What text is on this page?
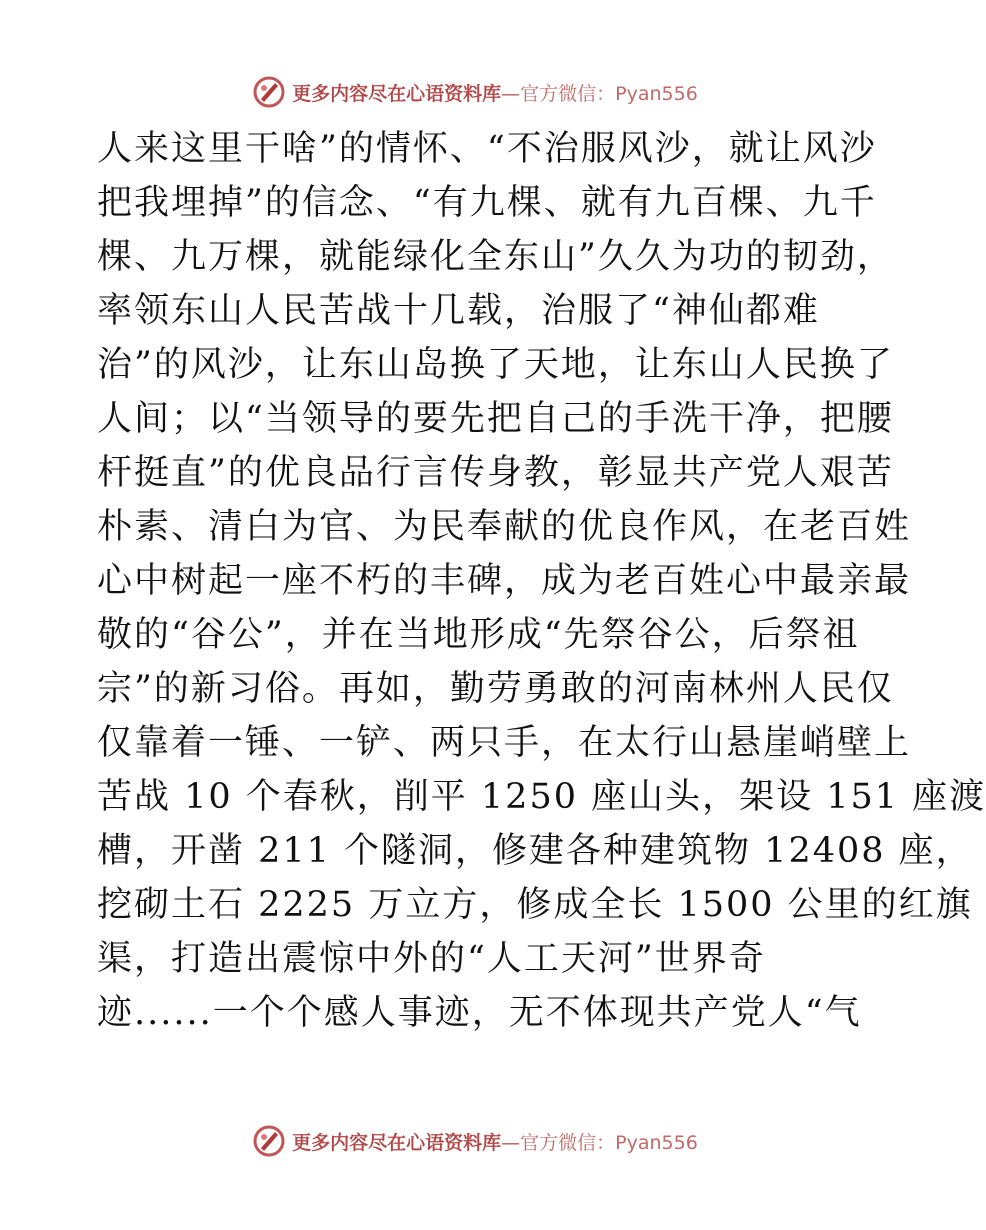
更多内容尽在心语资料库—官方微信：Pyan556
人来这里干啥”的情怀、“不治服风沙，就让风沙
把我埋掉”的信念、“有九棵、就有九百棵、九千
棵、九万棵，就能绿化全东山”久久为功的韧劲，
率领东山人民苦战十几载，治服了“神仙都难
治”的风沙，让东山岛换了天地，让东山人民换了
人间；以“当领导的要先把自己的手洗干净，把腰
杆挺直”的优良品行言传身教，彰显共产党人艰苦
朴素、清白为官、为民奉献的优良作风，在老百姓
心中树起一座不朽的丰碑，成为老百姓心中最亲最
敬的“谷公”，并在当地形成“先祭谷公，后祭祖
宗”的新习俗。再如，勤劳勇敢的河南林州人民仅
仅靠着一锤、一铲、两只手，在太行山悬崖峭壁上
苦战 10 个春秋，削平 1250 座山头，架设 151 座渡
槽，开凿 211 个隧洞，修建各种建筑物 12408 座，
挖砌土石 2225 万立方，修成全长 1500 公里的红旗
渠，打造出震惊中外的“人工天河”世界奇
迹......一个个感人事迹，无不体现共产党人“气
更多内容尽在心语资料库—官方微信：Pyan556
